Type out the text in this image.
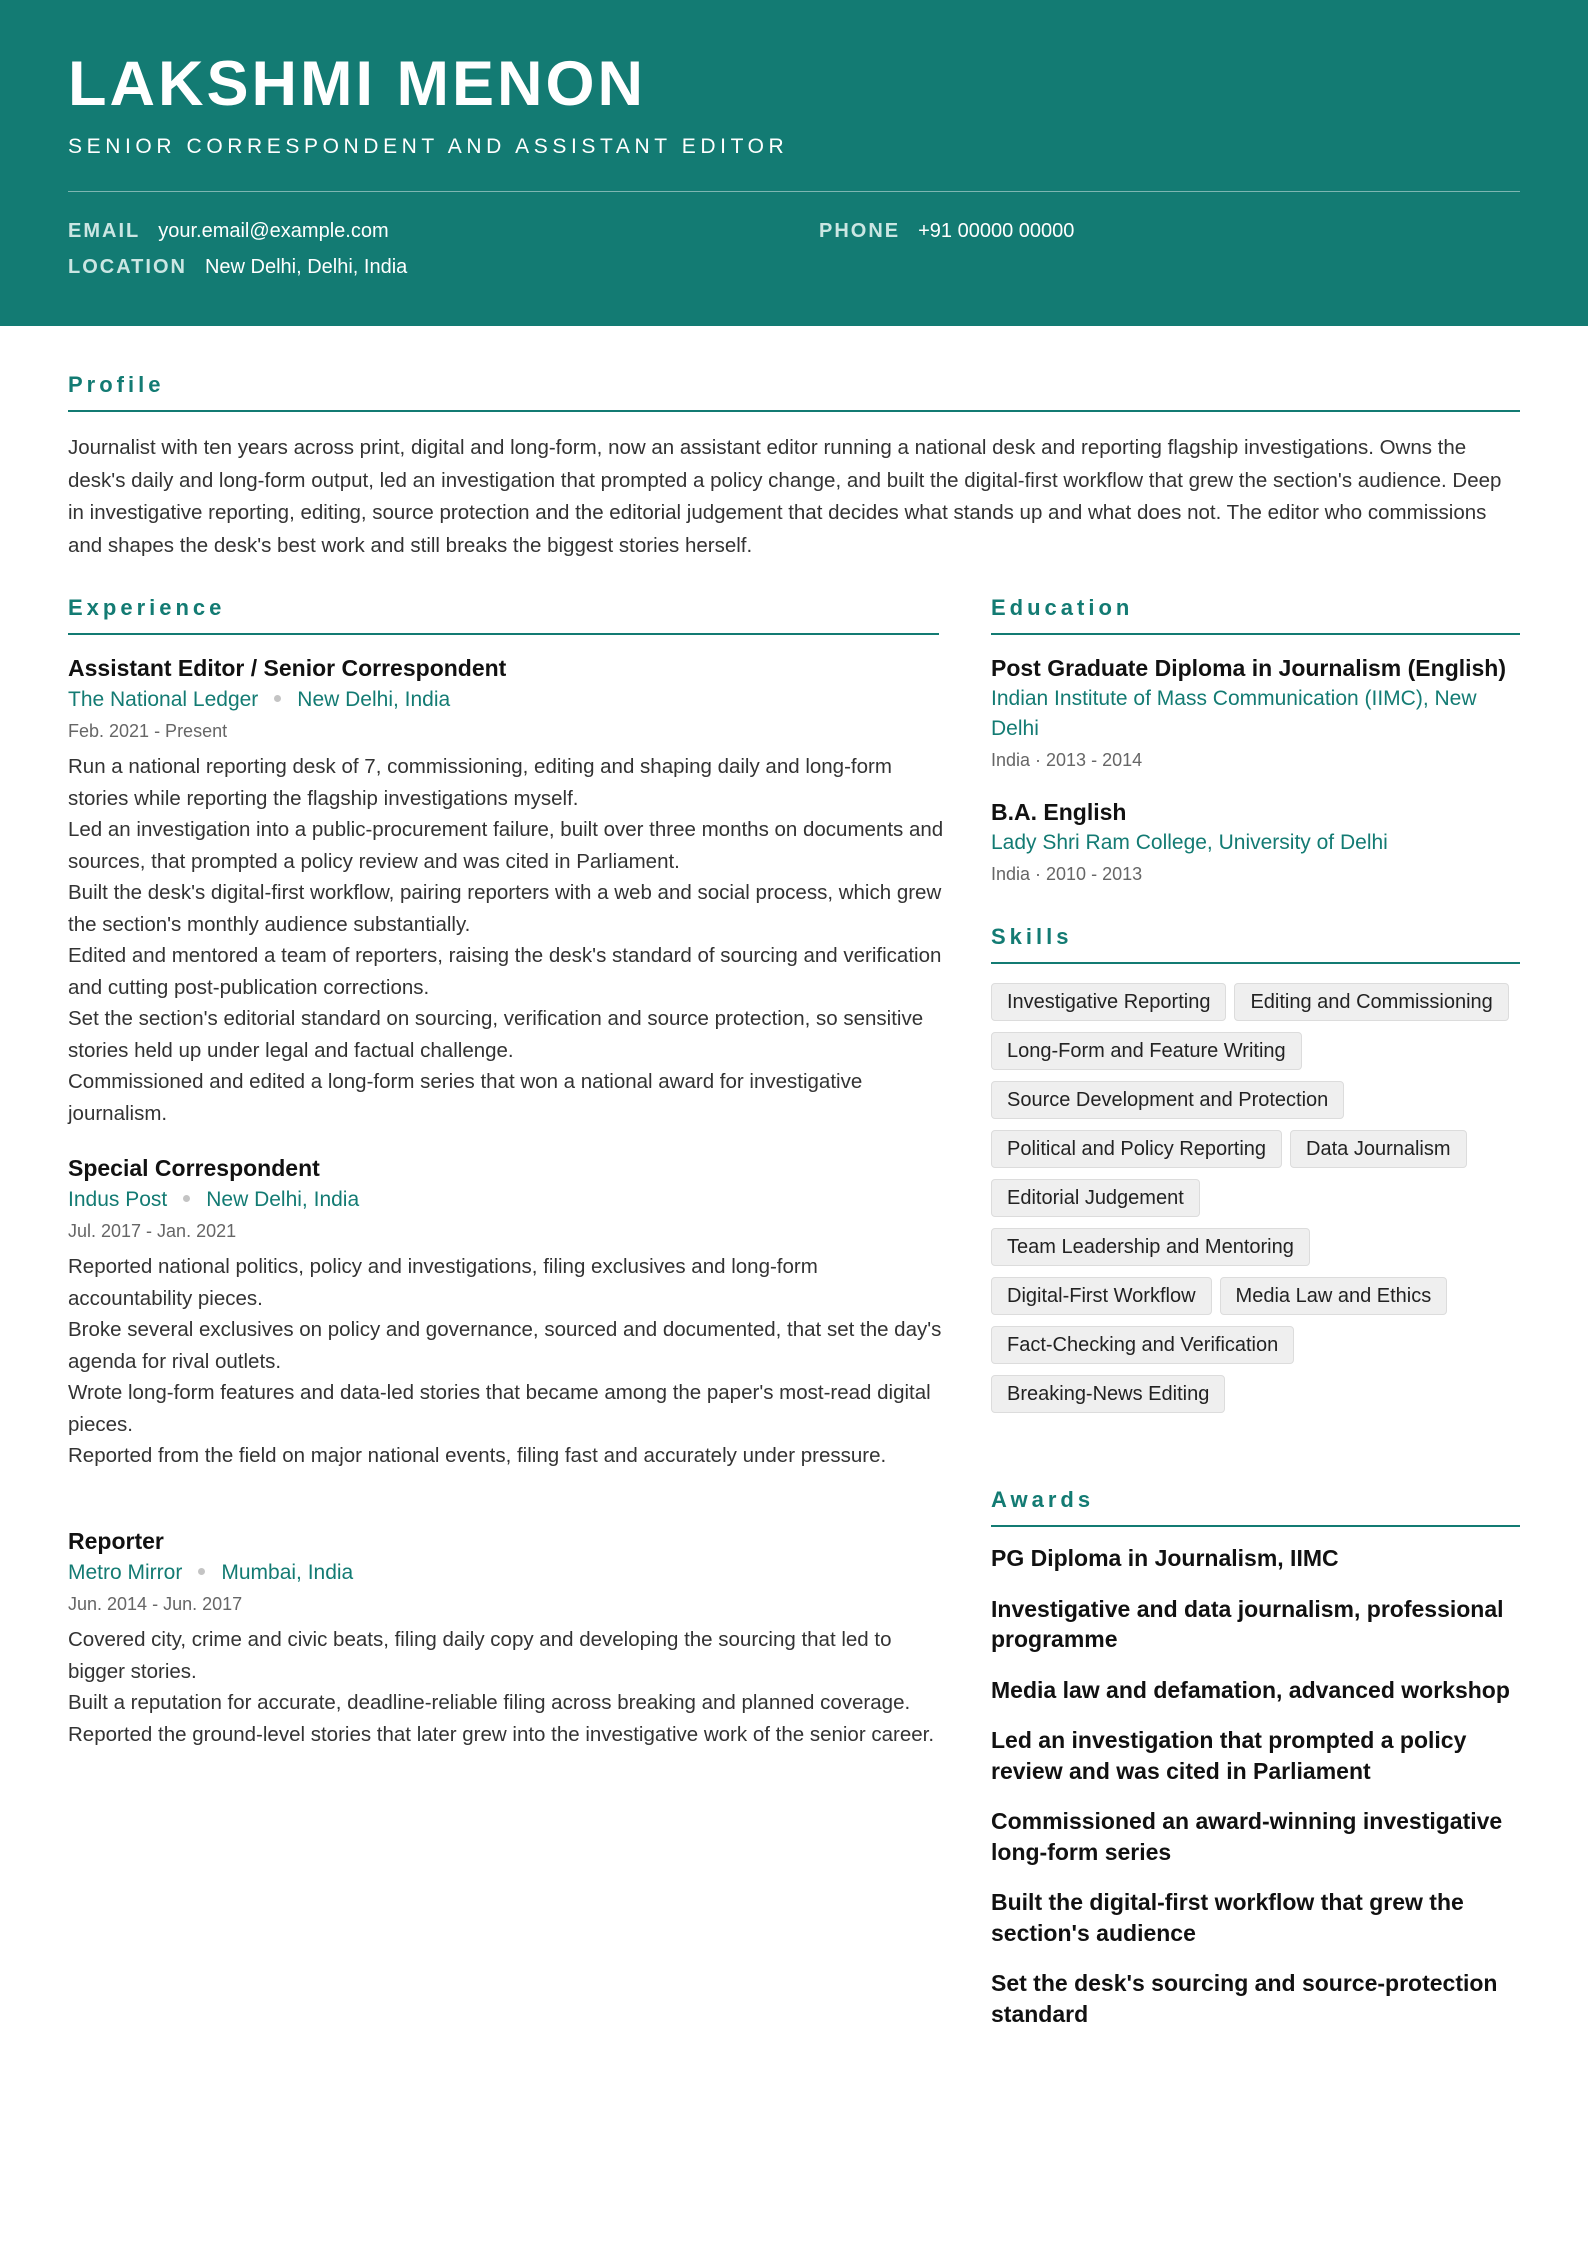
LAKSHMI MENON
SENIOR CORRESPONDENT AND ASSISTANT EDITOR
EMAIL your.email@example.com	PHONE +91 00000 00000
LOCATION New Delhi, Delhi, India
Profile
Journalist with ten years across print, digital and long-form, now an assistant editor running a national desk and reporting flagship investigations. Owns the desk's daily and long-form output, led an investigation that prompted a policy change, and built the digital-first workflow that grew the section's audience. Deep in investigative reporting, editing, source protection and the editorial judgement that decides what stands up and what does not. The editor who commissions and shapes the desk's best work and still breaks the biggest stories herself.
Experience
Assistant Editor / Senior Correspondent
The National Ledger New Delhi, India
Feb. 2021 - Present
Run a national reporting desk of 7, commissioning, editing and shaping daily and long-form stories while reporting the flagship investigations myself.
Led an investigation into a public-procurement failure, built over three months on documents and sources, that prompted a policy review and was cited in Parliament.
Built the desk's digital-first workflow, pairing reporters with a web and social process, which grew the section's monthly audience substantially.
Edited and mentored a team of reporters, raising the desk's standard of sourcing and verification and cutting post-publication corrections.
Set the section's editorial standard on sourcing, verification and source protection, so sensitive stories held up under legal and factual challenge.
Commissioned and edited a long-form series that won a national award for investigative journalism.
Special Correspondent
Indus Post New Delhi, India
Jul. 2017 - Jan. 2021
Reported national politics, policy and investigations, filing exclusives and long-form accountability pieces.
Broke several exclusives on policy and governance, sourced and documented, that set the day's agenda for rival outlets.
Wrote long-form features and data-led stories that became among the paper's most-read digital pieces.
Reported from the field on major national events, filing fast and accurately under pressure.
Reporter
Metro Mirror Mumbai, India
Jun. 2014 - Jun. 2017
Covered city, crime and civic beats, filing daily copy and developing the sourcing that led to bigger stories.
Built a reputation for accurate, deadline-reliable filing across breaking and planned coverage.
Reported the ground-level stories that later grew into the investigative work of the senior career.
Education
Post Graduate Diploma in Journalism (English)
Indian Institute of Mass Communication (IIMC), New Delhi
India · 2013 - 2014
B.A. English
Lady Shri Ram College, University of Delhi
India · 2010 - 2013
Skills
Investigative Reporting	Editing and Commissioning
Long-Form and Feature Writing
Source Development and Protection
Political and Policy Reporting	Data Journalism
Editorial Judgement
Team Leadership and Mentoring
Digital-First Workflow	Media Law and Ethics
Fact-Checking and Verification
Breaking-News Editing
Awards
PG Diploma in Journalism, IIMC
Investigative and data journalism, professional programme
Media law and defamation, advanced workshop
Led an investigation that prompted a policy review and was cited in Parliament
Commissioned an award-winning investigative long-form series
Built the digital-first workflow that grew the section's audience
Set the desk's sourcing and source-protection standard
